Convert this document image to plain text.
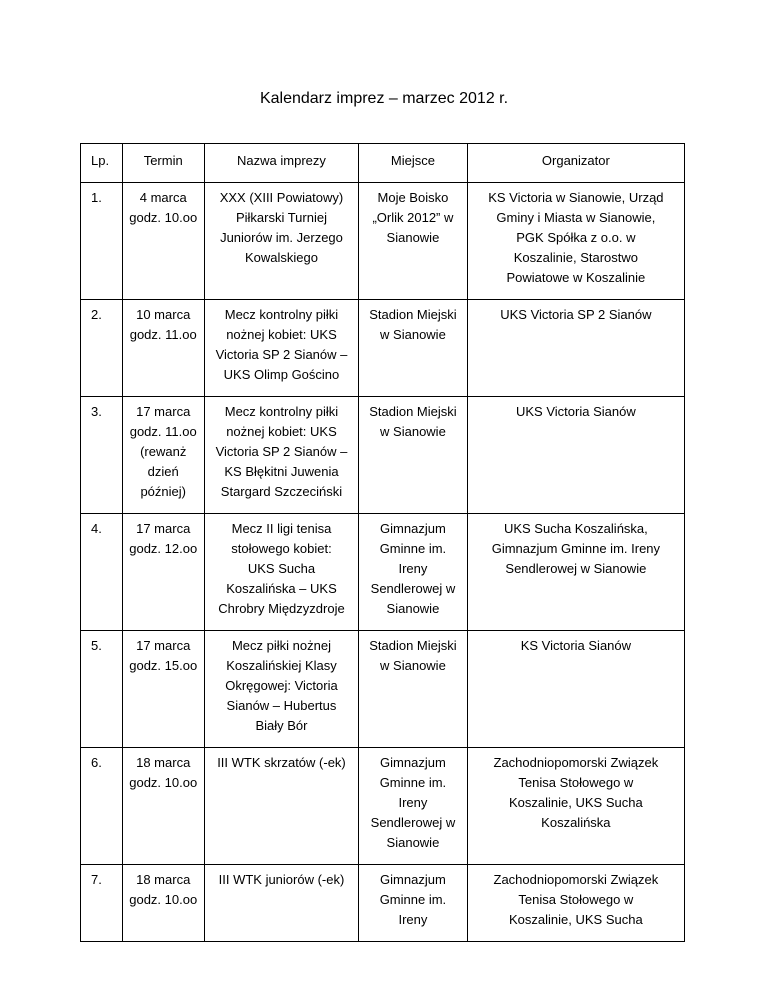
Kalendarz imprez – marzec 2012 r.
Lp.	Termin	Nazwa imprezy	Miejsce	Organizator
1.	4 marca
godz. 10.oo	XXX (XIII Powiatowy)
Piłkarski Turniej
Juniorów im. Jerzego
Kowalskiego	Moje Boisko
„Orlik 2012” w
Sianowie	KS Victoria w Sianowie, Urząd
Gminy i Miasta w Sianowie,
PGK Spółka z o.o. w
Koszalinie, Starostwo
Powiatowe w Koszalinie
2.	10 marca
godz. 11.oo	Mecz kontrolny piłki
nożnej kobiet: UKS
Victoria SP 2 Sianów –
UKS Olimp Gościno	Stadion Miejski
w Sianowie	UKS Victoria SP 2 Sianów
3.	17 marca
godz. 11.oo
(rewanż
dzień
później)	Mecz kontrolny piłki
nożnej kobiet: UKS
Victoria SP 2 Sianów –
KS Błękitni Juwenia
Stargard Szczeciński	Stadion Miejski
w Sianowie	UKS Victoria Sianów
4.	17 marca
godz. 12.oo	Mecz II ligi tenisa
stołowego kobiet:
UKS Sucha
Koszalińska – UKS
Chrobry Międzyzdroje	Gimnazjum
Gminne im.
Ireny
Sendlerowej w
Sianowie	UKS Sucha Koszalińska,
Gimnazjum Gminne im. Ireny
Sendlerowej w Sianowie
5.	17 marca
godz. 15.oo	Mecz piłki nożnej
Koszalińskiej Klasy
Okręgowej: Victoria
Sianów – Hubertus
Biały Bór	Stadion Miejski
w Sianowie	KS Victoria Sianów
6.	18 marca
godz. 10.oo	III WTK skrzatów (-ek)	Gimnazjum
Gminne im.
Ireny
Sendlerowej w
Sianowie	Zachodniopomorski Związek
Tenisa Stołowego w
Koszalinie, UKS Sucha
Koszalińska
7.	18 marca
godz. 10.oo	III WTK juniorów (-ek)	Gimnazjum
Gminne im.
Ireny	Zachodniopomorski Związek
Tenisa Stołowego w
Koszalinie, UKS Sucha
